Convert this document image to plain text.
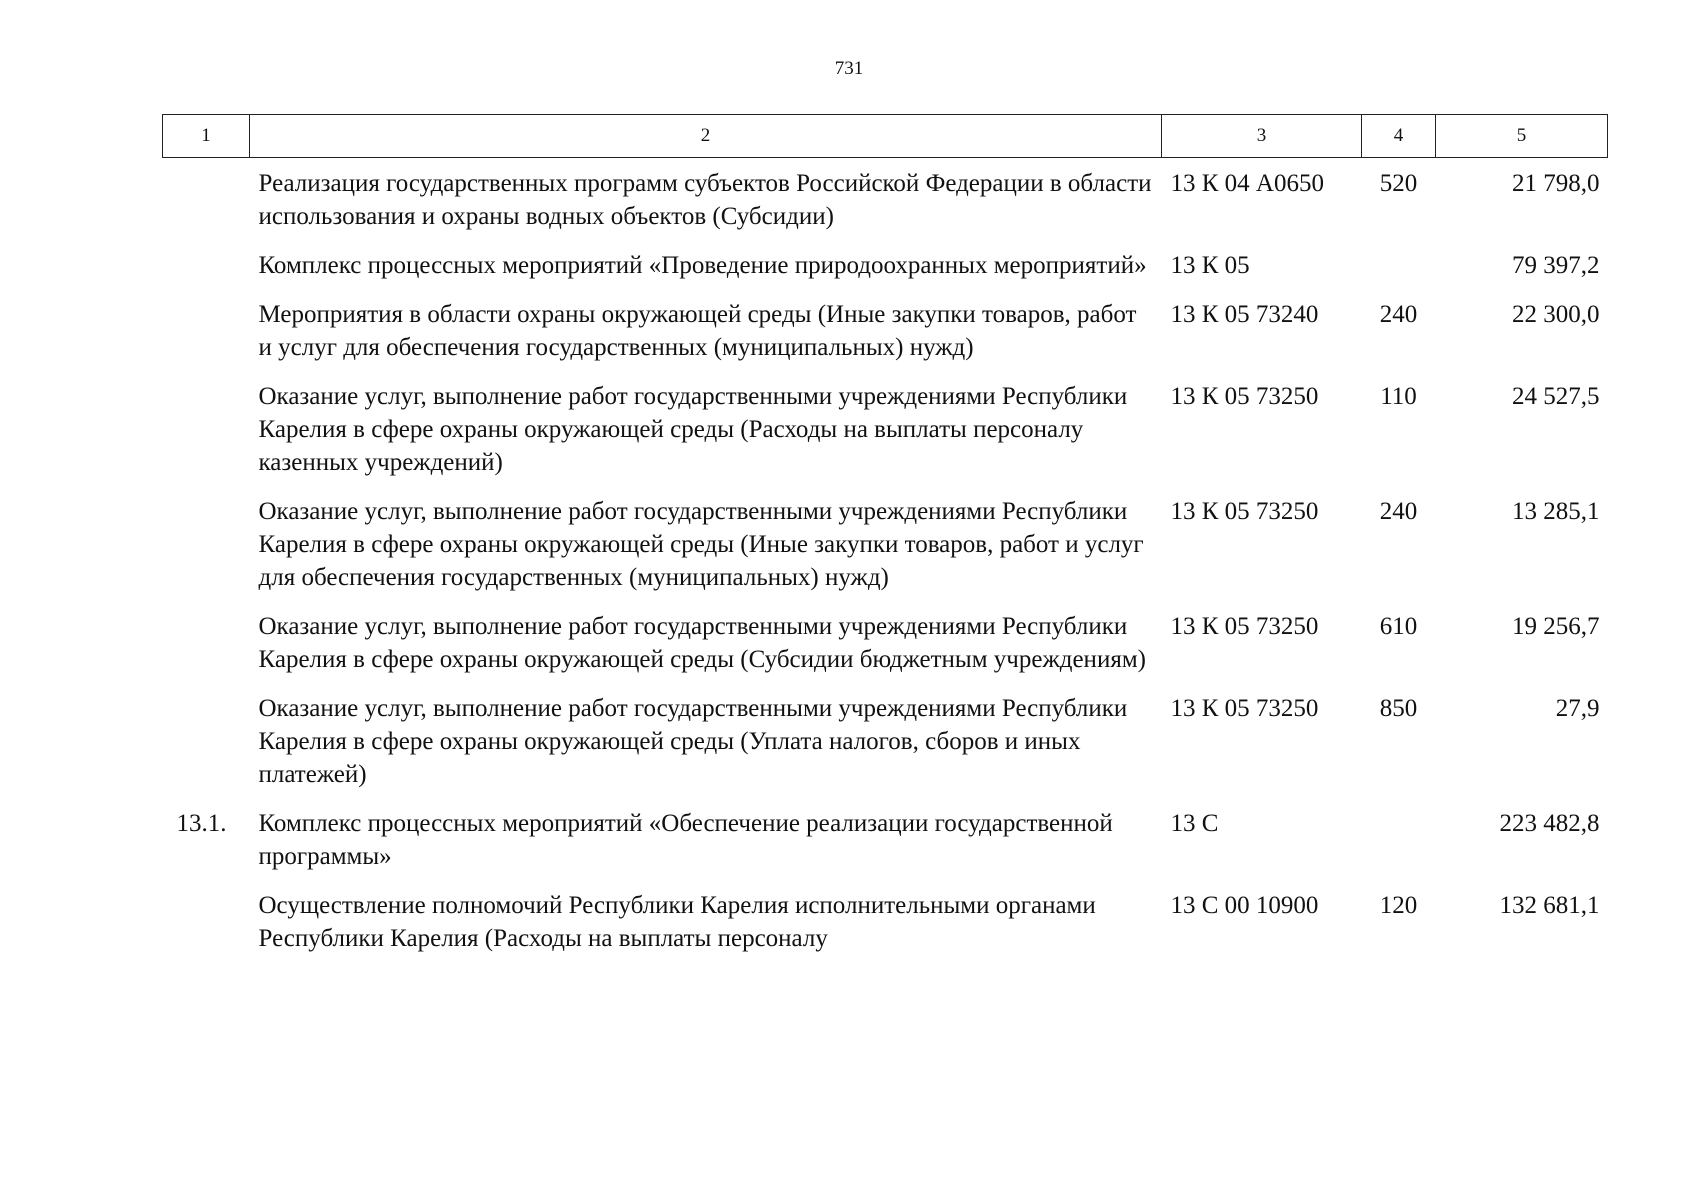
731
1	2	3	4	5
	Реализация государственных программ субъектов Российской Федерации в области использования и охраны водных объектов (Субсидии)	13 К 04 А0650	520	21 798,0
	Комплекс процессных мероприятий «Проведение природоохранных мероприятий»	13 К 05		79 397,2
	Мероприятия в области охраны окружающей среды (Иные закупки товаров, работ и услуг для обеспечения государственных (муниципальных) нужд)	13 К 05 73240	240	22 300,0
	Оказание услуг, выполнение работ государственными учреждениями Республики Карелия в сфере охраны окружающей среды (Расходы на выплаты персоналу казенных учреждений)	13 К 05 73250	110	24 527,5
	Оказание услуг, выполнение работ государственными учреждениями Республики Карелия в сфере охраны окружающей среды (Иные закупки товаров, работ и услуг для обеспечения государственных (муниципальных) нужд)	13 К 05 73250	240	13 285,1
	Оказание услуг, выполнение работ государственными учреждениями Республики Карелия в сфере охраны окружающей среды (Субсидии бюджетным учреждениям)	13 К 05 73250	610	19 256,7
	Оказание услуг, выполнение работ государственными учреждениями Республики Карелия в сфере охраны окружающей среды (Уплата налогов, сборов и иных платежей)	13 К 05 73250	850	27,9
13.1.	Комплекс процессных мероприятий «Обеспечение реализации государственной программы»	13 С		223 482,8
	Осуществление полномочий Республики Карелия исполнительными органами Республики Карелия (Расходы на выплаты персоналу	13 С 00 10900	120	132 681,1
